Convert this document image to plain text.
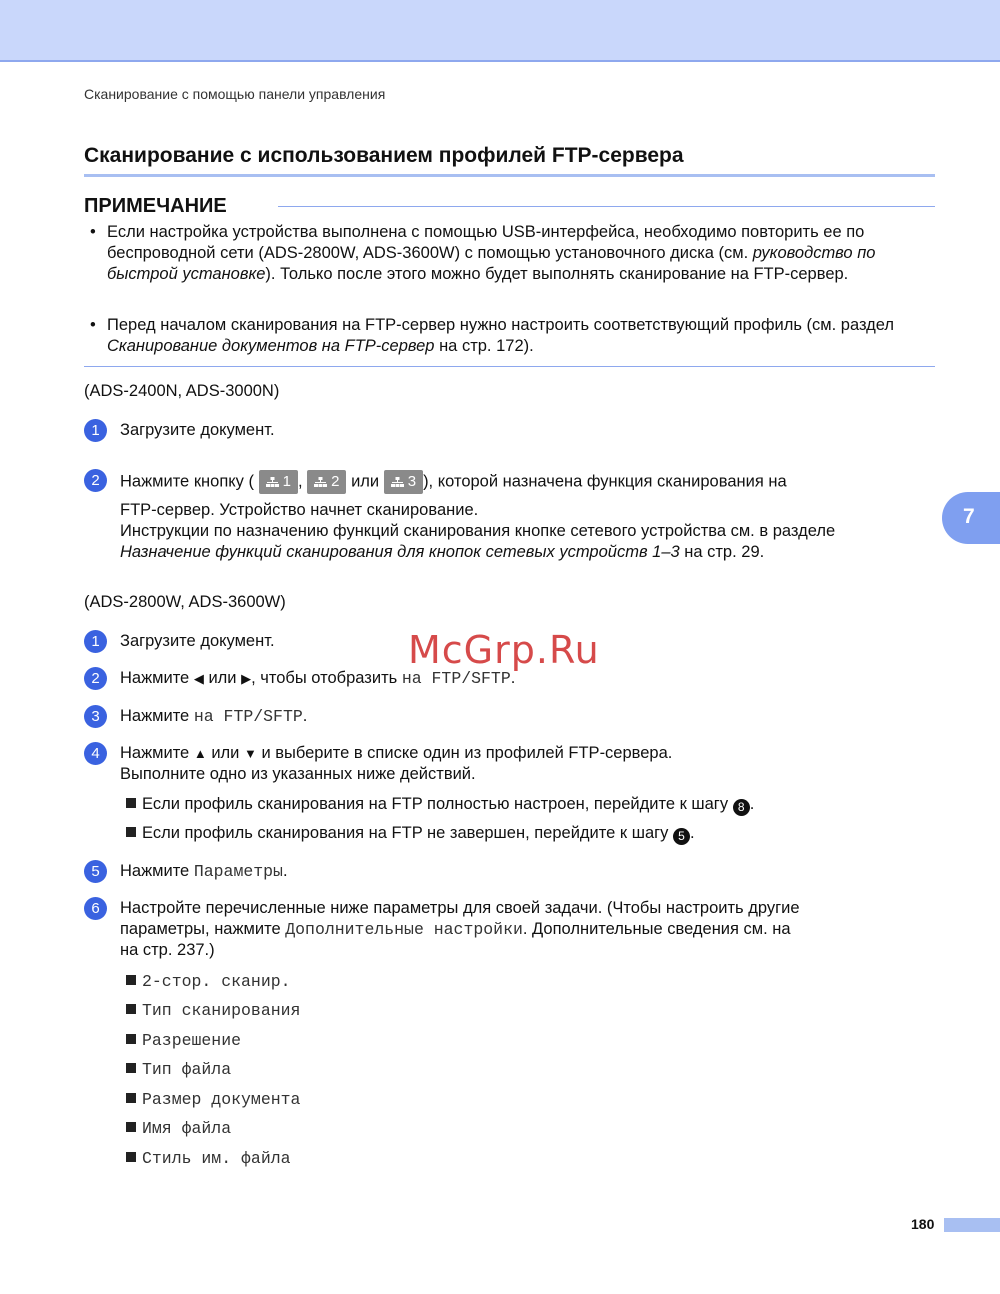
Сканирование с помощью панели управления
Сканирование с использованием профилей FTP-сервера
ПРИМЕЧАНИЕ
• Если настройка устройства выполнена с помощью USB-интерфейса, необходимо повторить ее по беспроводной сети (ADS-2800W, ADS-3600W) с помощью установочного диска (см. руководство по быстрой установке). Только после этого можно будет выполнять сканирование на FTP-сервер.
• Перед началом сканирования на FTP-сервер нужно настроить соответствующий профиль (см. раздел Сканирование документов на FTP-сервер на стр. 172).
(ADS-2400N, ADS-3000N)
1	Загрузите документ.
2	Нажмите кнопку ( 1 , 2 или 3 ), которой назначена функция сканирования на
FTP-сервер. Устройство начнет сканирование.
Инструкции по назначению функций сканирования кнопке сетевого устройства см. в разделе
Назначение функций сканирования для кнопок сетевых устройств 1–3 на стр. 29.
(ADS-2800W, ADS-3600W)
1	Загрузите документ.
2	Нажмите ◀ или ▶, чтобы отобразить на FTP/SFTP.
3	Нажмите на FTP/SFTP.
4	Нажмите ▲ или ▼ и выберите в списке один из профилей FTP-сервера.
Выполните одно из указанных ниже действий.
Если профиль сканирования на FTP полностью настроен, перейдите к шагу 8 .
Если профиль сканирования на FTP не завершен, перейдите к шагу 5 .
5	Нажмите Параметры.
6	Настройте перечисленные ниже параметры для своей задачи. (Чтобы настроить другие
параметры, нажмите Дополнительные настройки. Дополнительные сведения см. на
на стр. 237.)
2-стор. сканир.
Тип сканирования
Разрешение
Тип файла
Размер документа
Имя файла
Стиль им. файла
McGrp.Ru
7
180
